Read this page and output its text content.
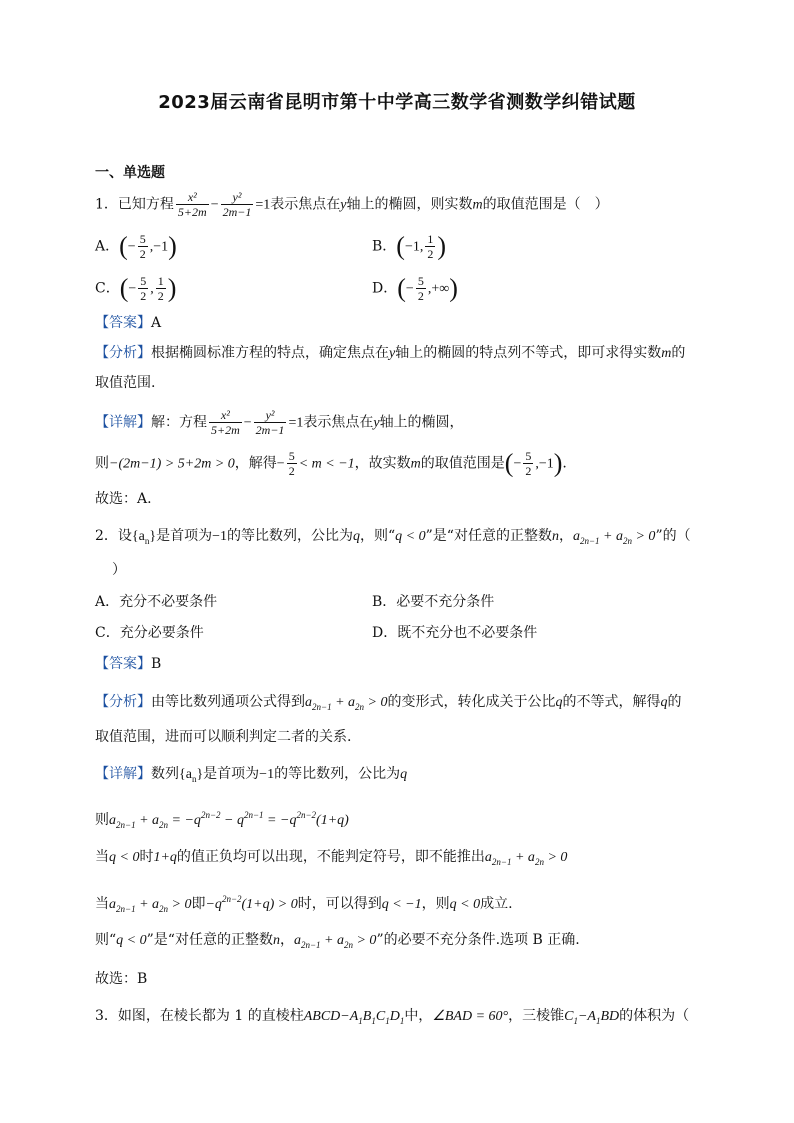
2023届云南省昆明市第十中学高三数学省测数学纠错试题
一、单选题
1．已知方程 $\frac{\text{x²}}{5+2m} - \frac{\text{y²}}{2m-1} =1$表示焦点在y轴上的椭圆，则实数m的取值范围是（　）
A．(− $\frac{5}{2} ,-1$)	B．(−1, $\frac{1}{2}$ )
C．(− $\frac{5}{2}$ , $\frac{1}{2}$ )	D．(− $\frac{5}{2}$ ,+∞)
【答案】A
【分析】根据椭圆标准方程的特点，确定焦点在y轴上的椭圆的特点列不等式，即可求得实数m的
取值范围.
【详解】解：方程 $\frac{\text{x²}}{5+2m} - \frac{\text{y²}}{2m-1} =1$表示焦点在y轴上的椭圆，
则−(2m−1) > 5+2m > 0，解得− $\frac{5}{2} < m < -1$，故实数m的取值范围是(− $\frac{5}{2} ,-1$).
故选：A.
2．设$\{a_n\}$是首项为−1的等比数列，公比为q，则“q < 0”是“对任意的正整数n，$a_{2n-1} + a_{2n} > 0$”的（
）
A．充分不必要条件	B．必要不充分条件
C．充分必要条件	D．既不充分也不必要条件
【答案】B
【分析】由等比数列通项公式得到$a_{2n-1} + a_{2n} > 0$的变形式，转化成关于公比q的不等式，解得q的
取值范围，进而可以顺利判定二者的关系.
【详解】数列$\{a_n\}$是首项为−1的等比数列，公比为q
则$a_{2n-1} + a_{2n} = -q^{2n-2} - q^{2n-1} = -q^{2n-2}(1+q)$
当q < 0时1+q的值正负均可以出现，不能判定符号，即不能推出$a_{2n-1} + a_{2n} > 0$
当$a_{2n-1} + a_{2n} > 0$即$-q^{2n-2}(1+q) > 0$时，可以得到q < −1，则q < 0成立.
则“q < 0”是“对任意的正整数n，$a_{2n-1} + a_{2n} > 0$”的必要不充分条件.选项 B 正确.
故选：B
3．如图，在棱长都为 1 的直棱柱$ABCD-A_1B_1C_1D_1$中，∠BAD = 60°，三棱锥$C_1-A_1BD$的体积为（
